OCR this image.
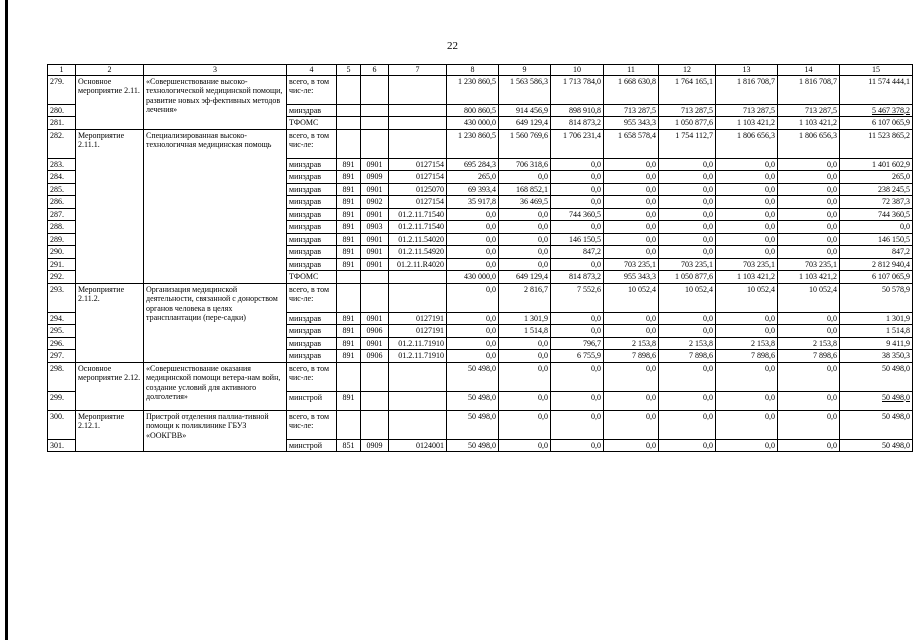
22
1	2	3	4	5	6	7	8	9	10	11	12	13	14	15
279.	Основное мероприятие 2.11.	«Совершенствование высоко-технологической медицинской помощи, развитие новых эф-фективных методов лечения»	всего, в том чис-ле:				1 230 860,5	1 563 586,3	1 713 784,0	1 668 630,8	1 764 165,1	1 816 708,7	1 816 708,7	11 574 444,1
280.			минздрав				800 860,5	914 456,9	898 910,8	713 287,5	713 287,5	713 287,5	713 287,5	5 467 378,2
281.			ТФОМС				430 000,0	649 129,4	814 873,2	955 343,3	1 050 877,6	1 103 421,2	1 103 421,2	6 107 065,9
282.	Мероприятие 2.11.1.	Специализированная высоко-технологичная медицинская помощь	всего, в том чис-ле:				1 230 860,5	1 560 769,6	1 706 231,4	1 658 578,4	1 754 112,7	1 806 656,3	1 806 656,3	11 523 865,2
283.			минздрав	891	0901	0127154	695 284,3	706 318,6	0,0	0,0	0,0	0,0	0,0	1 401 602,9
284.			минздрав	891	0909	0127154	265,0	0,0	0,0	0,0	0,0	0,0	0,0	265,0
285.			минздрав	891	0901	0125070	69 393,4	168 852,1	0,0	0,0	0,0	0,0	0,0	238 245,5
286.			минздрав	891	0902	0127154	35 917,8	36 469,5	0,0	0,0	0,0	0,0	0,0	72 387,3
287.			минздрав	891	0901	01.2.11.71540	0,0	0,0	744 360,5	0,0	0,0	0,0	0,0	744 360,5
288.			минздрав	891	0903	01.2.11.71540	0,0	0,0	0,0	0,0	0,0	0,0	0,0	0,0
289.			минздрав	891	0901	01.2.11.54020	0,0	0,0	146 150,5	0,0	0,0	0,0	0,0	146 150,5
290.			минздрав	891	0901	01.2.11.54920	0,0	0,0	847,2	0,0	0,0	0,0	0,0	847,2
291.			минздрав	891	0901	01.2.11.R4020	0,0	0,0	0,0	703 235,1	703 235,1	703 235,1	703 235,1	2 812 940,4
292.			ТФОМС				430 000,0	649 129,4	814 873,2	955 343,3	1 050 877,6	1 103 421,2	1 103 421,2	6 107 065,9
293.	Мероприятие 2.11.2.	Организация медицинской деятельности, связанной с донорством органов человека в целях трансплантации (пере-садки)	всего, в том чис-ле:				0,0	2 816,7	7 552,6	10 052,4	10 052,4	10 052,4	10 052,4	50 578,9
294.			минздрав	891	0901	0127191	0,0	1 301,9	0,0	0,0	0,0	0,0	0,0	1 301,9
295.			минздрав	891	0906	0127191	0,0	1 514,8	0,0	0,0	0,0	0,0	0,0	1 514,8
296.			минздрав	891	0901	01.2.11.71910	0,0	0,0	796,7	2 153,8	2 153,8	2 153,8	2 153,8	9 411,9
297.			минздрав	891	0906	01.2.11.71910	0,0	0,0	6 755,9	7 898,6	7 898,6	7 898,6	7 898,6	38 350,3
298.	Основное мероприятие 2.12.	«Совершенствование оказания медицинской помощи ветера-нам войн, создание условий для активного долголетия»	всего, в том чис-ле:				50 498,0	0,0	0,0	0,0	0,0	0,0	0,0	50 498,0
299.			минстрой	891			50 498,0	0,0	0,0	0,0	0,0	0,0	0,0	50 498,0
300.	Мероприятие 2.12.1.	Пристрой отделения паллиа-тивной помощи к поликлинике ГБУЗ «ООКГВВ»	всего, в том чис-ле:				50 498,0	0,0	0,0	0,0	0,0	0,0	0,0	50 498,0
301.			минстрой	851	0909	0124001	50 498,0	0,0	0,0	0,0	0,0	0,0	0,0	50 498,0
